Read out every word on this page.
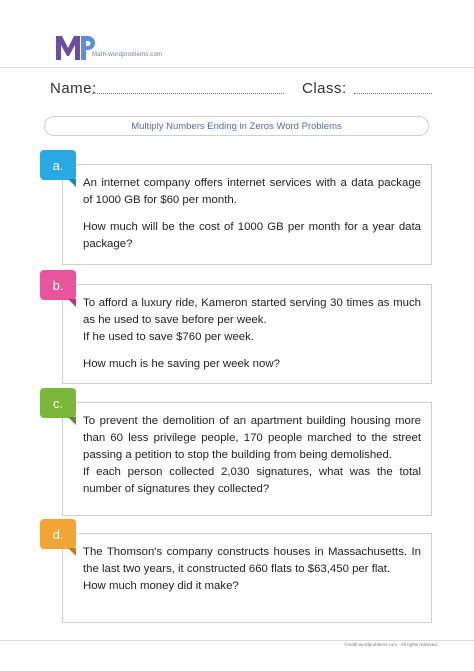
Math-wordproblems.com
Name:	Class:
Multiply Numbers Ending in Zeros Word Problems

An internet company offers internet services with a data package of 1000 GB for $60 per month.

How much will be the cost of 1000 GB per month for a year data package?

a.

To afford a luxury ride, Kameron started serving 30 times as much as he used to save before per week.

If he used to save $760 per week.

How much is he saving per week now?

b.

To prevent the demolition of an apartment building housing more than 60 less privilege people, 170 people marched to the street passing a petition to stop the building from being demolished.

If each person collected 2,030 signatures, what was the total number of signatures they collected?

c.

The Thomson's company constructs houses in Massachusetts. In the last two years, it constructed 660 flats to $63,450 per flat.

How much money did it make?

d.
©math-wordproblems.com · All rights reserved.
